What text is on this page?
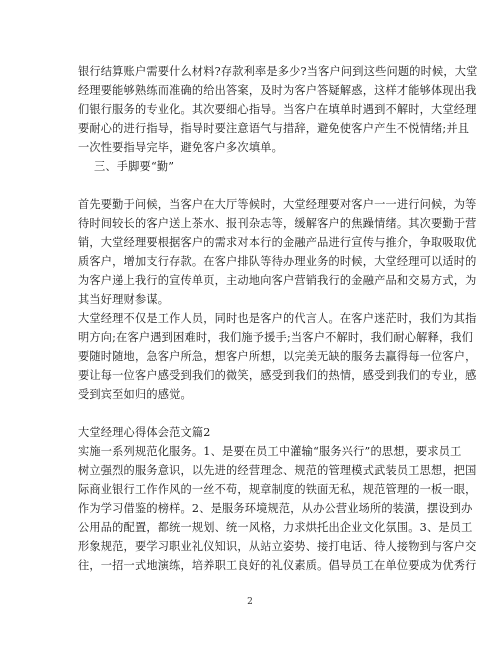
银行结算账户需要什么材料?存款利率是多少?当客户问到这些问题的时候，大堂
经理要能够熟练而准确的给出答案，及时为客户答疑解惑，这样才能够体现出我
们银行服务的专业化。其次要细心指导。当客户在填单时遇到不解时，大堂经理
要耐心的进行指导，指导时要注意语气与措辞，避免使客户产生不悦情绪;并且
一次性要指导完毕，避免客户多次填单。
三、手脚要“勤”
首先要勤于问候，当客户在大厅等候时，大堂经理要对客户一一进行问候，为等
待时间较长的客户送上茶水、报刊杂志等，缓解客户的焦躁情绪。其次要勤于营
销，大堂经理要根据客户的需求对本行的金融产品进行宣传与推介，争取吸取优
质客户，增加支行存款。在客户排队等待办理业务的时候，大堂经理可以适时的
为客户递上我行的宣传单页，主动地向客户营销我行的金融产品和交易方式，为
其当好理财参谋。
大堂经理不仅是工作人员，同时也是客户的代言人。在客户迷茫时，我们为其指
明方向;在客户遇到困难时，我们施予援手;当客户不解时，我们耐心解释，我们
要随时随地，急客户所急，想客户所想，以完美无缺的服务去赢得每一位客户，
要让每一位客户感受到我们的微笑，感受到我们的热情，感受到我们的专业，感
受到宾至如归的感觉。
大堂经理心得体会范文篇2
实施一系列规范化服务。1、是要在员工中灌输“服务兴行”的思想，要求员工
树立强烈的服务意识，以先进的经营理念、规范的管理模式武装员工思想，把国
际商业银行工作作风的一丝不苟，规章制度的铁面无私，规范管理的一板一眼，
作为学习借鉴的榜样。2、是服务环境规范，从办公营业场所的装潢，摆设到办
公用品的配置，都统一规划、统一风格，力求烘托出企业文化氛围。3、是员工
形象规范，要学习职业礼仪知识，从站立姿势、接打电话、待人接物到与客户交
往，一招一式地演练，培养职工良好的礼仪素质。倡导员工在单位要成为优秀行
2
